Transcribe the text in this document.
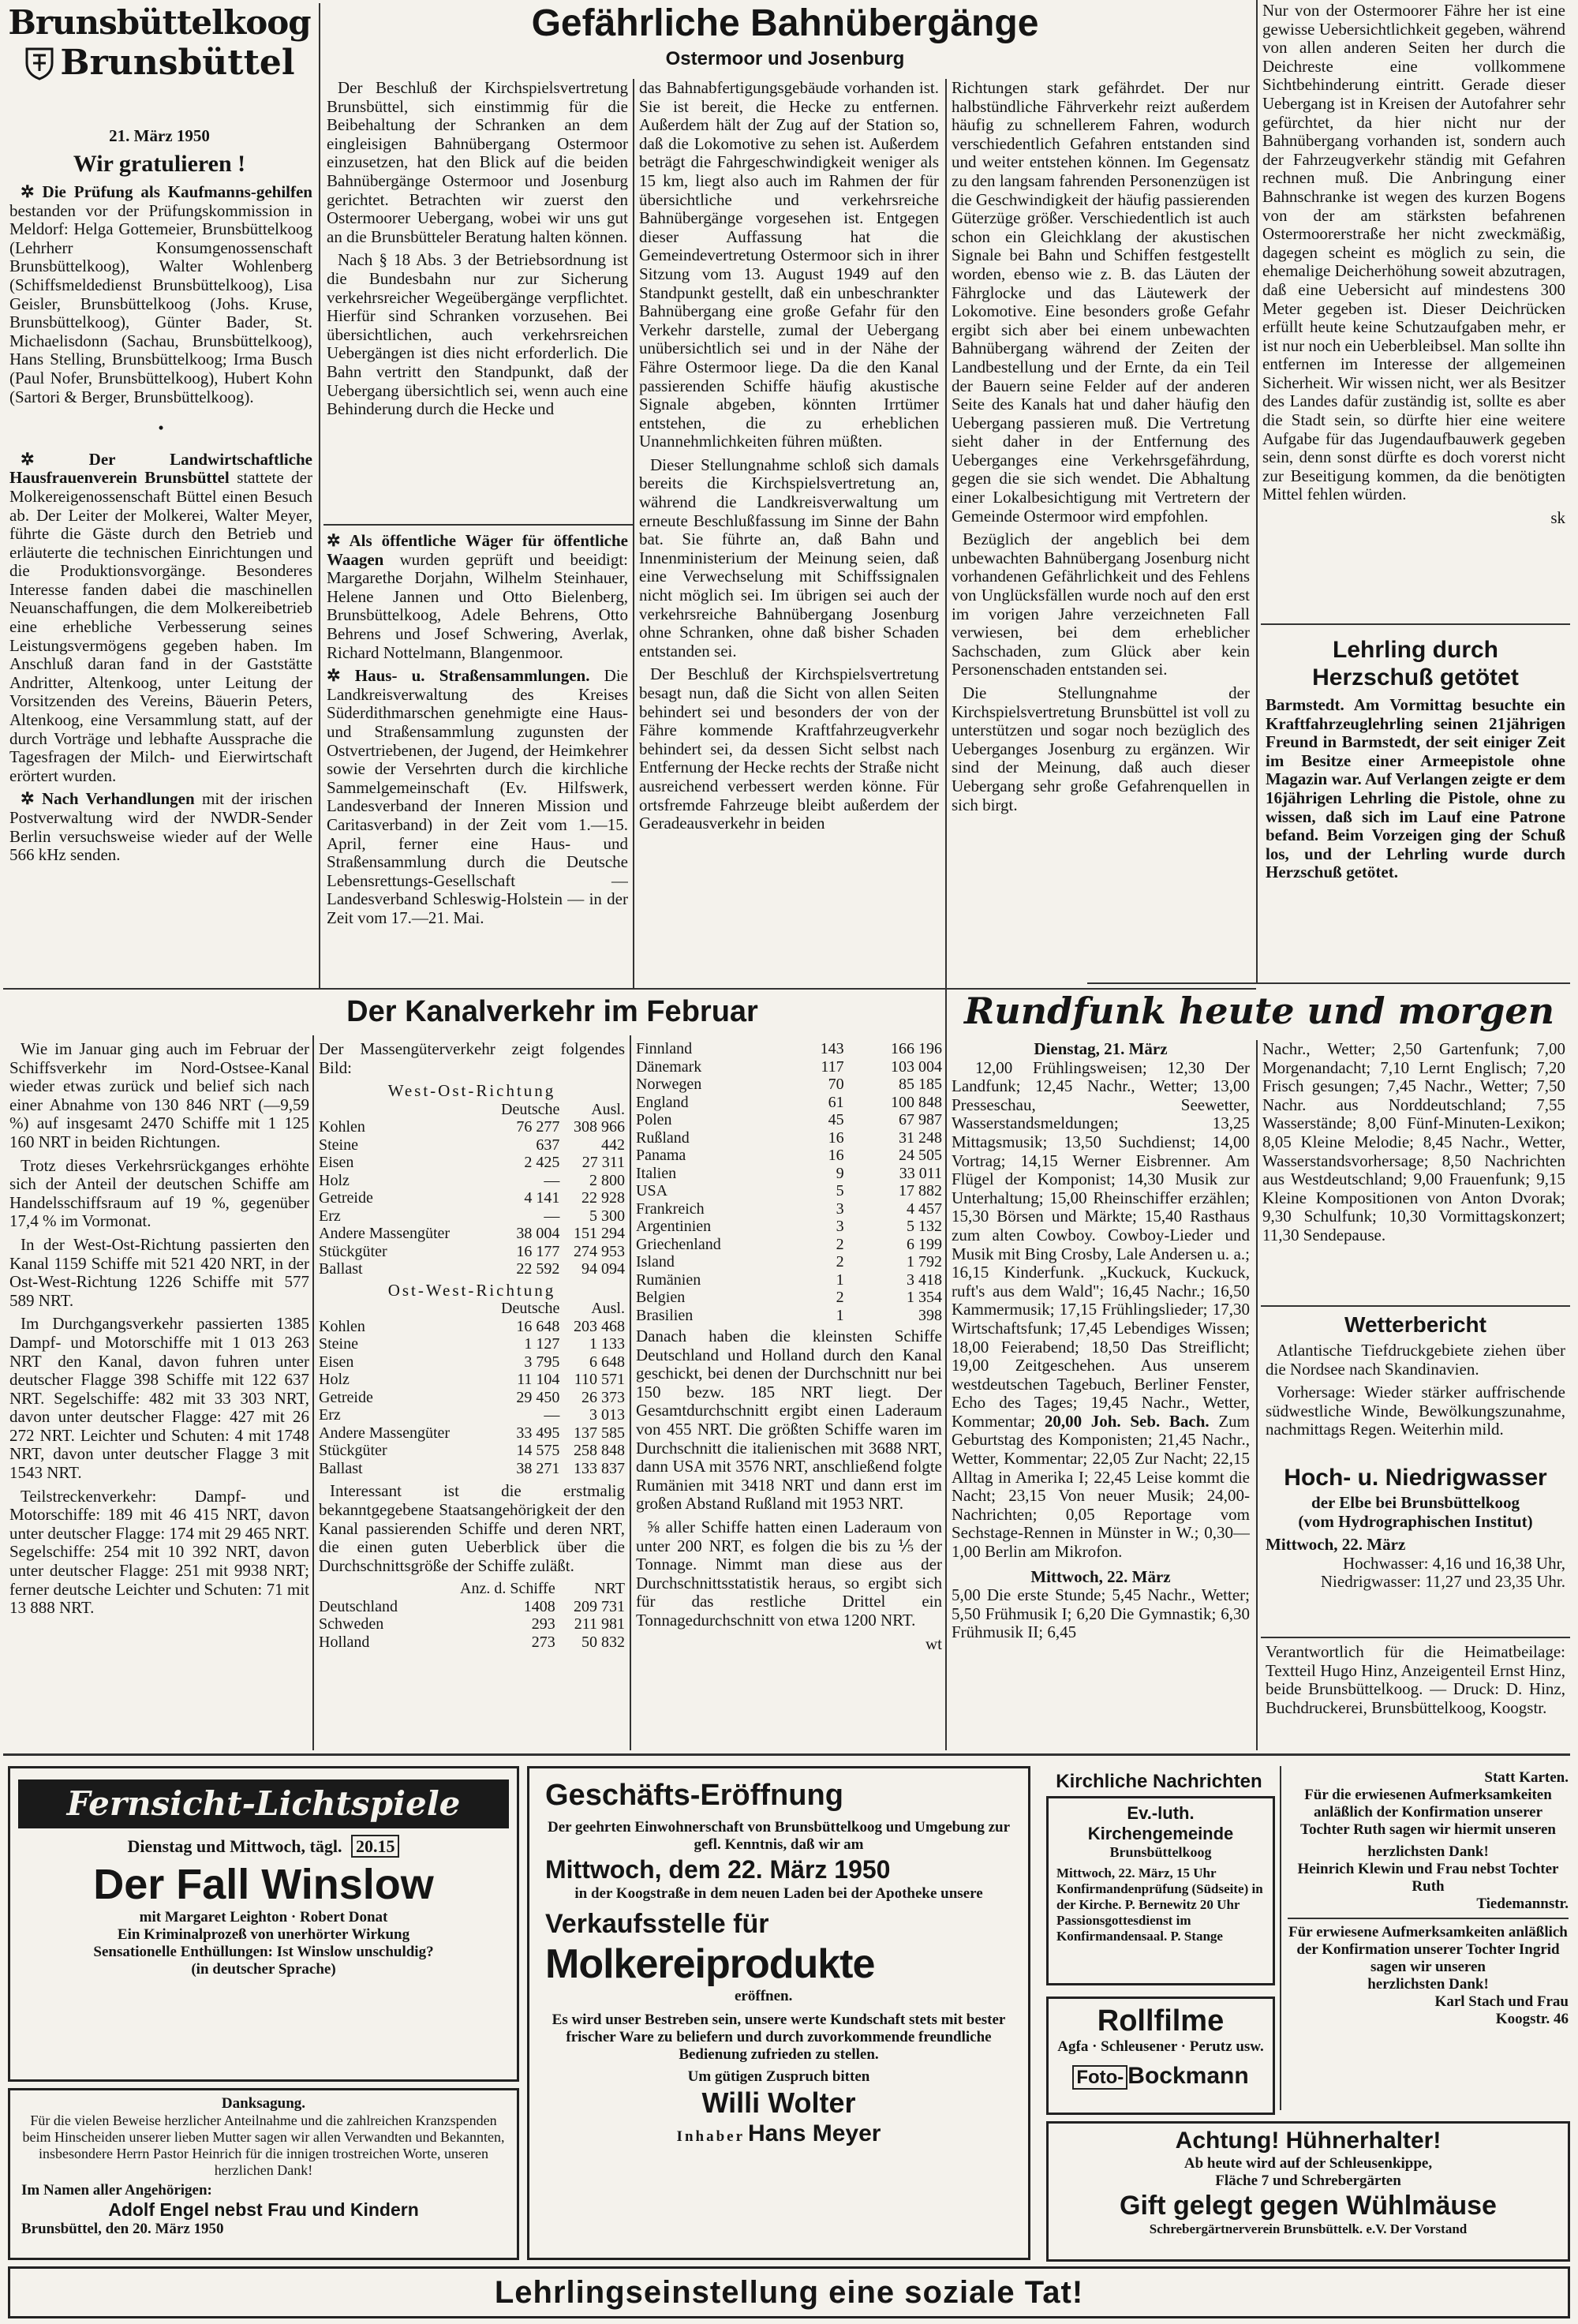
Brunsbüttelkoog
Brunsbüttel
21. März 1950
Wir gratulieren !

✲ Die Prüfung als Kaufmanns-gehilfen bestanden vor der Prüfungskommission in Meldorf: Helga Gottemeier, Brunsbüttelkoog (Lehrherr Konsumgenossenschaft Brunsbüttelkoog), Walter Wohlenberg (Schiffsmeldedienst Brunsbüttelkoog), Lisa Geisler, Brunsbüttelkoog (Johs. Kruse, Brunsbüttelkoog), Günter Bader, St. Michaelisdonn (Sachau, Brunsbüttelkoog), Hans Stelling, Brunsbüttelkoog; Irma Busch (Paul Nofer, Brunsbüttelkoog), Hubert Kohn (Sartori & Berger, Brunsbüttelkoog).

•

✲ Der Landwirtschaftliche Hausfrauenverein Brunsbüttel stattete der Molkereigenossenschaft Büttel einen Besuch ab. Der Leiter der Molkerei, Walter Meyer, führte die Gäste durch den Betrieb und erläuterte die technischen Einrichtungen und die Produktionsvorgänge. Besonderes Interesse fanden dabei die maschinellen Neuanschaffungen, die dem Molkereibetrieb eine erhebliche Verbesserung seines Leistungsvermögens gegeben haben. Im Anschluß daran fand in der Gaststätte Andritter, Altenkoog, unter Leitung der Vorsitzenden des Vereins, Bäuerin Peters, Altenkoog, eine Versammlung statt, auf der durch Vorträge und lebhafte Aussprache die Tagesfragen der Milch- und Eierwirtschaft erörtert wurden.

✲ Nach Verhandlungen mit der irischen Postverwaltung wird der NWDR-Sender Berlin versuchsweise wieder auf der Welle 566 kHz senden.

Gefährliche Bahnübergänge
Ostermoor und Josenburg

Der Beschluß der Kirchspielsvertretung Brunsbüttel, sich einstimmig für die Beibehaltung der Schranken an dem eingleisigen Bahnübergang Ostermoor einzusetzen, hat den Blick auf die beiden Bahnübergänge Ostermoor und Josenburg gerichtet. Betrachten wir zuerst den Ostermoorer Uebergang, wobei wir uns gut an die Brunsbütteler Beratung halten können.

Nach § 18 Abs. 3 der Betriebsordnung ist die Bundesbahn nur zur Sicherung verkehrsreicher Wegeübergänge verpflichtet. Hierfür sind Schranken vorzusehen. Bei übersichtlichen, auch verkehrsreichen Uebergängen ist dies nicht erforderlich. Die Bahn vertritt den Standpunkt, daß der Uebergang übersichtlich sei, wenn auch eine Behinderung durch die Hecke und

✲ Als öffentliche Wäger für öffentliche Waagen wurden geprüft und beeidigt: Margarethe Dorjahn, Wilhelm Steinhauer, Helene Jannen und Otto Bielenberg, Brunsbüttelkoog, Adele Behrens, Otto Behrens und Josef Schwering, Averlak, Richard Nottelmann, Blangenmoor.

✲ Haus- u. Straßensammlungen. Die Landkreisverwaltung des Kreises Süderdithmarschen genehmigte eine Haus- und Straßensammlung zugunsten der Ostvertriebenen, der Jugend, der Heimkehrer sowie der Versehrten durch die kirchliche Sammelgemeinschaft (Ev. Hilfswerk, Landesverband der Inneren Mission und Caritasverband) in der Zeit vom 1.—15. April, ferner eine Haus- und Straßensammlung durch die Deutsche Lebensrettungs-Gesellschaft — Landesverband Schleswig-Holstein — in der Zeit vom 17.—21. Mai.

das Bahnabfertigungsgebäude vorhanden ist. Sie ist bereit, die Hecke zu entfernen. Außerdem hält der Zug auf der Station so, daß die Lokomotive zu sehen ist. Außerdem beträgt die Fahrgeschwindigkeit weniger als 15 km, liegt also auch im Rahmen der für übersichtliche und verkehrsreiche Bahnübergänge vorgesehen ist. Entgegen dieser Auffassung hat die Gemeindevertretung Ostermoor sich in ihrer Sitzung vom 13. August 1949 auf den Standpunkt gestellt, daß ein unbeschrankter Bahnübergang eine große Gefahr für den Verkehr darstelle, zumal der Uebergang unübersichtlich sei und in der Nähe der Fähre Ostermoor liege. Da die den Kanal passierenden Schiffe häufig akustische Signale abgeben, könnten Irrtümer entstehen, die zu erheblichen Unannehmlichkeiten führen müßten.

Dieser Stellungnahme schloß sich damals bereits die Kirchspielsvertretung an, während die Landkreisverwaltung um erneute Beschlußfassung im Sinne der Bahn bat. Sie führte an, daß Bahn und Innenministerium der Meinung seien, daß eine Verwechselung mit Schiffssignalen nicht möglich sei. Im übrigen sei auch der verkehrsreiche Bahnübergang Josenburg ohne Schranken, ohne daß bisher Schaden entstanden sei.

Der Beschluß der Kirchspielsvertretung besagt nun, daß die Sicht von allen Seiten behindert sei und besonders der von der Fähre kommende Kraftfahrzeugverkehr behindert sei, da dessen Sicht selbst nach Entfernung der Hecke rechts der Straße nicht ausreichend verbessert werden könne. Für ortsfremde Fahrzeuge bleibt außerdem der Geradeausverkehr in beiden

Richtungen stark gefährdet. Der nur halbstündliche Fährverkehr reizt außerdem häufig zu schnellerem Fahren, wodurch verschiedentlich Gefahren entstanden sind und weiter entstehen können. Im Gegensatz zu den langsam fahrenden Personenzügen ist die Geschwindigkeit der häufig passierenden Güterzüge größer. Verschiedentlich ist auch schon ein Gleichklang der akustischen Signale bei Bahn und Schiffen festgestellt worden, ebenso wie z. B. das Läuten der Fährglocke und das Läutewerk der Lokomotive. Eine besonders große Gefahr ergibt sich aber bei einem unbewachten Bahnübergang während der Zeiten der Landbestellung und der Ernte, da ein Teil der Bauern seine Felder auf der anderen Seite des Kanals hat und daher häufig den Uebergang passieren muß. Die Vertretung sieht daher in der Entfernung des Ueberganges eine Verkehrsgefährdung, gegen die sie sich wendet. Die Abhaltung einer Lokalbesichtigung mit Vertretern der Gemeinde Ostermoor wird empfohlen.

Bezüglich der angeblich bei dem unbewachten Bahnübergang Josenburg nicht vorhandenen Gefährlichkeit und des Fehlens von Unglücksfällen wurde noch auf den erst im vorigen Jahre verzeichneten Fall verwiesen, bei dem erheblicher Sachschaden, zum Glück aber kein Personenschaden entstanden sei.

Die Stellungnahme der Kirchspielsvertretung Brunsbüttel ist voll zu unterstützen und sogar noch bezüglich des Ueberganges Josenburg zu ergänzen. Wir sind der Meinung, daß auch dieser Uebergang sehr große Gefahrenquellen in sich birgt.

Nur von der Ostermoorer Fähre her ist eine gewisse Uebersichtlichkeit gegeben, während von allen anderen Seiten her durch die Deichreste eine vollkommene Sichtbehinderung eintritt. Gerade dieser Uebergang ist in Kreisen der Autofahrer sehr gefürchtet, da hier nicht nur der Bahnübergang vorhanden ist, sondern auch der Fahrzeugverkehr ständig mit Gefahren rechnen muß. Die Anbringung einer Bahnschranke ist wegen des kurzen Bogens von der am stärksten befahrenen Ostermoorerstraße her nicht zweckmäßig, dagegen scheint es möglich zu sein, die ehemalige Deicherhöhung soweit abzutragen, daß eine Uebersicht auf mindestens 300 Meter gegeben ist. Dieser Deichrücken erfüllt heute keine Schutzaufgaben mehr, er ist nur noch ein Ueberbleibsel. Man sollte ihn entfernen im Interesse der allgemeinen Sicherheit. Wir wissen nicht, wer als Besitzer des Landes dafür zuständig ist, sollte es aber die Stadt sein, so dürfte hier eine weitere Aufgabe für das Jugendaufbauwerk gegeben sein, denn sonst dürfte es doch vorerst nicht zur Beseitigung kommen, da die benötigten Mittel fehlen würden.

sk

Lehrling durch
Herzschuß getötet
Barmstedt. Am Vormittag besuchte ein Kraftfahrzeuglehrling seinen 21jährigen Freund in Barmstedt, der seit einiger Zeit im Besitze einer Armeepistole ohne Magazin war. Auf Verlangen zeigte er dem 16jährigen Lehrling die Pistole, ohne zu wissen, daß sich im Lauf eine Patrone befand. Beim Vorzeigen ging der Schuß los, und der Lehrling wurde durch Herzschuß getötet.
Der Kanalverkehr im Februar

Wie im Januar ging auch im Februar der Schiffsverkehr im Nord-Ostsee-Kanal wieder etwas zurück und belief sich nach einer Abnahme von 130 846 NRT (—9,59 %) auf insgesamt 2470 Schiffe mit 1 125 160 NRT in beiden Richtungen.

Trotz dieses Verkehrsrückganges erhöhte sich der Anteil der deutschen Schiffe am Handelsschiffsraum auf 19 %, gegenüber 17,4 % im Vormonat.

In der West-Ost-Richtung passierten den Kanal 1159 Schiffe mit 521 420 NRT, in der Ost-West-Richtung 1226 Schiffe mit 577 589 NRT.

Im Durchgangsverkehr passierten 1385 Dampf- und Motorschiffe mit 1 013 263 NRT den Kanal, davon fuhren unter deutscher Flagge 398 Schiffe mit 122 637 NRT. Segelschiffe: 482 mit 33 303 NRT, davon unter deutscher Flagge: 427 mit 26 272 NRT. Leichter und Schuten: 4 mit 1748 NRT, davon unter deutscher Flagge 3 mit 1543 NRT.

Teilstreckenverkehr: Dampf- und Motorschiffe: 189 mit 46 415 NRT, davon unter deutscher Flagge: 174 mit 29 465 NRT. Segelschiffe: 254 mit 10 392 NRT, davon unter deutscher Flagge: 251 mit 9938 NRT; ferner deutsche Leichter und Schuten: 71 mit 13 888 NRT.

Der Massengüterverkehr zeigt folgendes Bild:

West-Ost-Richtung
	Deutsche	Ausl.
Kohlen	76 277	308 966
Steine	637	442
Eisen	2 425	27 311
Holz	—	2 800
Getreide	4 141	22 928
Erz	—	5 300
Andere Massengüter	38 004	151 294
Stückgüter	16 177	274 953
Ballast	22 592	94 094
Ost-West-Richtung
	Deutsche	Ausl.
Kohlen	16 648	203 468
Steine	1 127	1 133
Eisen	3 795	6 648
Holz	11 104	110 571
Getreide	29 450	26 373
Erz	—	3 013
Andere Massengüter	33 495	137 585
Stückgüter	14 575	258 848
Ballast	38 271	133 837

Interessant ist die erstmalig bekanntgegebene Staatsangehörigkeit der den Kanal passierenden Schiffe und deren NRT, die einen guten Ueberblick über die Durchschnittsgröße der Schiffe zuläßt.

	Anz. d. Schiffe	NRT
Deutschland	1408	209 731
Schweden	293	211 981
Holland	273	50 832
Finnland	143	166 196
Dänemark	117	103 004
Norwegen	70	85 185
England	61	100 848
Polen	45	67 987
Rußland	16	31 248
Panama	16	24 505
Italien	9	33 011
USA	5	17 882
Frankreich	3	4 457
Argentinien	3	5 132
Griechenland	2	6 199
Island	2	1 792
Rumänien	1	3 418
Belgien	2	1 354
Brasilien	1	398

Danach haben die kleinsten Schiffe Deutschland und Holland durch den Kanal geschickt, bei denen der Durchschnitt nur bei 150 bezw. 185 NRT liegt. Der Gesamtdurchschnitt ergibt einen Laderaum von 455 NRT. Die größten Schiffe waren im Durchschnitt die italienischen mit 3688 NRT, dann USA mit 3576 NRT, anschließend folgte Rumänien mit 3418 NRT und dann erst im großen Abstand Rußland mit 1953 NRT.

⅝ aller Schiffe hatten einen Laderaum von unter 200 NRT, es folgen die bis zu ⅕ der Tonnage. Nimmt man diese aus der Durchschnittsstatistik heraus, so ergibt sich für das restliche Drittel ein Tonnagedurchschnitt von etwa 1200 NRT.

wt

Rundfunk heute und morgen
Dienstag, 21. März

12,00 Frühlingsweisen; 12,30 Der Landfunk; 12,45 Nachr., Wetter; 13,00 Presseschau, Seewetter, Wasserstandsmeldungen; 13,25 Mittagsmusik; 13,50 Suchdienst; 14,00 Vortrag; 14,15 Werner Eisbrenner. Am Flügel der Komponist; 14,30 Musik zur Unterhaltung; 15,00 Rheinschiffer erzählen; 15,30 Börsen und Märkte; 15,40 Rasthaus zum alten Cowboy. Cowboy-Lieder und Musik mit Bing Crosby, Lale Andersen u. a.; 16,15 Kinderfunk. „Kuckuck, Kuckuck, ruft's aus dem Wald"; 16,45 Nachr.; 16,50 Kammermusik; 17,15 Frühlingslieder; 17,30 Wirtschaftsfunk; 17,45 Lebendiges Wissen; 18,00 Feierabend; 18,50 Das Streiflicht; 19,00 Zeitgeschehen. Aus unserem westdeutschen Tagebuch, Berliner Fenster, Echo des Tages; 19,45 Nachr., Wetter, Kommentar; 20,00 Joh. Seb. Bach. Zum Geburtstag des Komponisten; 21,45 Nachr., Wetter, Kommentar; 22,05 Zur Nacht; 22,15 Alltag in Amerika I; 22,45 Leise kommt die Nacht; 23,15 Von neuer Musik; 24,00-Nachrichten; 0,05 Reportage vom Sechstage-Rennen in Münster in W.; 0,30—1,00 Berlin am Mikrofon.

Mittwoch, 22. März

5,00 Die erste Stunde; 5,45 Nachr., Wetter; 5,50 Frühmusik I; 6,20 Die Gymnastik; 6,30 Frühmusik II; 6,45

Nachr., Wetter; 2,50 Gartenfunk; 7,00 Morgenandacht; 7,10 Lernt Englisch; 7,20 Frisch gesungen; 7,45 Nachr., Wetter; 7,50 Nachr. aus Norddeutschland; 7,55 Wasserstände; 8,00 Fünf-Minuten-Lexikon; 8,05 Kleine Melodie; 8,45 Nachr., Wetter, Wasserstandsvorhersage; 8,50 Nachrichten aus Westdeutschland; 9,00 Frauenfunk; 9,15 Kleine Kompositionen von Anton Dvorak; 9,30 Schulfunk; 10,30 Vormittagskonzert; 11,30 Sendepause.

Wetterbericht

Atlantische Tiefdruckgebiete ziehen über die Nordsee nach Skandinavien.

Vorhersage: Wieder stärker auffrischende südwestliche Winde, Bewölkungszunahme, nachmittags Regen. Weiterhin mild.

Hoch- u. Niedrigwasser
der Elbe bei Brunsbüttelkoog
(vom Hydrographischen Institut)
Mittwoch, 22. März
Hochwasser: 4,16 und 16,38 Uhr,
Niedrigwasser: 11,27 und 23,35 Uhr.
Verantwortlich für die Heimatbeilage: Textteil Hugo Hinz, Anzeigenteil Ernst Hinz, beide Brunsbüttelkoog. — Druck: D. Hinz, Buchdruckerei, Brunsbüttelkoog, Koogstr.
Fernsicht-Lichtspiele
Dienstag und Mittwoch, tägl. 20.15
Der Fall Winslow
mit Margaret Leighton · Robert Donat
Ein Kriminalprozeß von unerhörter Wirkung
Sensationelle Enthüllungen: Ist Winslow unschuldig?
(in deutscher Sprache)
Danksagung.
Für die vielen Beweise herzlicher Anteilnahme und die zahlreichen Kranzspenden beim Hinscheiden unserer lieben Mutter sagen wir allen Verwandten und Bekannten, insbesondere Herrn Pastor Heinrich für die innigen trostreichen Worte, unseren herzlichen Dank!
Im Namen aller Angehörigen:
Adolf Engel nebst Frau und Kindern
Brunsbüttel, den 20. März 1950
Geschäfts-Eröffnung
Der geehrten Einwohnerschaft von Brunsbüttelkoog und Umgebung zur gefl. Kenntnis, daß wir am
Mittwoch, dem 22. März 1950
in der Koogstraße in dem neuen Laden bei der Apotheke unsere
Verkaufsstelle für
Molkereiprodukte
eröffnen.
Es wird unser Bestreben sein, unsere werte Kundschaft stets mit bester frischer Ware zu beliefern und durch zuvorkommende freundliche Bedienung zufrieden zu stellen.
Um gütigen Zuspruch bitten
Willi Wolter
Inhaber Hans Meyer
Kirchliche Nachrichten
Ev.-luth.
Kirchengemeinde
Brunsbüttelkoog
Mittwoch, 22. März, 15 Uhr Konfirmandenprüfung (Südseite) in der Kirche. P. Bernewitz 20 Uhr Passionsgottesdienst im Konfirmandensaal. P. Stange
Rollfilme
Agfa · Schleusener · Perutz usw.
Foto- Bockmann
Statt Karten.
Für die erwiesenen Aufmerksamkeiten anläßlich der Konfirmation unserer Tochter Ruth sagen wir hiermit unseren
herzlichsten Dank!
Heinrich Klewin und Frau nebst Tochter Ruth
Tiedemannstr.
Für erwiesene Aufmerksamkeiten anläßlich der Konfirmation unserer Tochter Ingrid sagen wir unseren
herzlichsten Dank!
Karl Stach und Frau
Koogstr. 46
Achtung! Hühnerhalter!
Ab heute wird auf der Schleusenkippe,
Fläche 7 und Schrebergärten
Gift gelegt gegen Wühlmäuse
Schrebergärtnerverein Brunsbüttelk. e.V. Der Vorstand
Lehrlingseinstellung eine soziale Tat!
